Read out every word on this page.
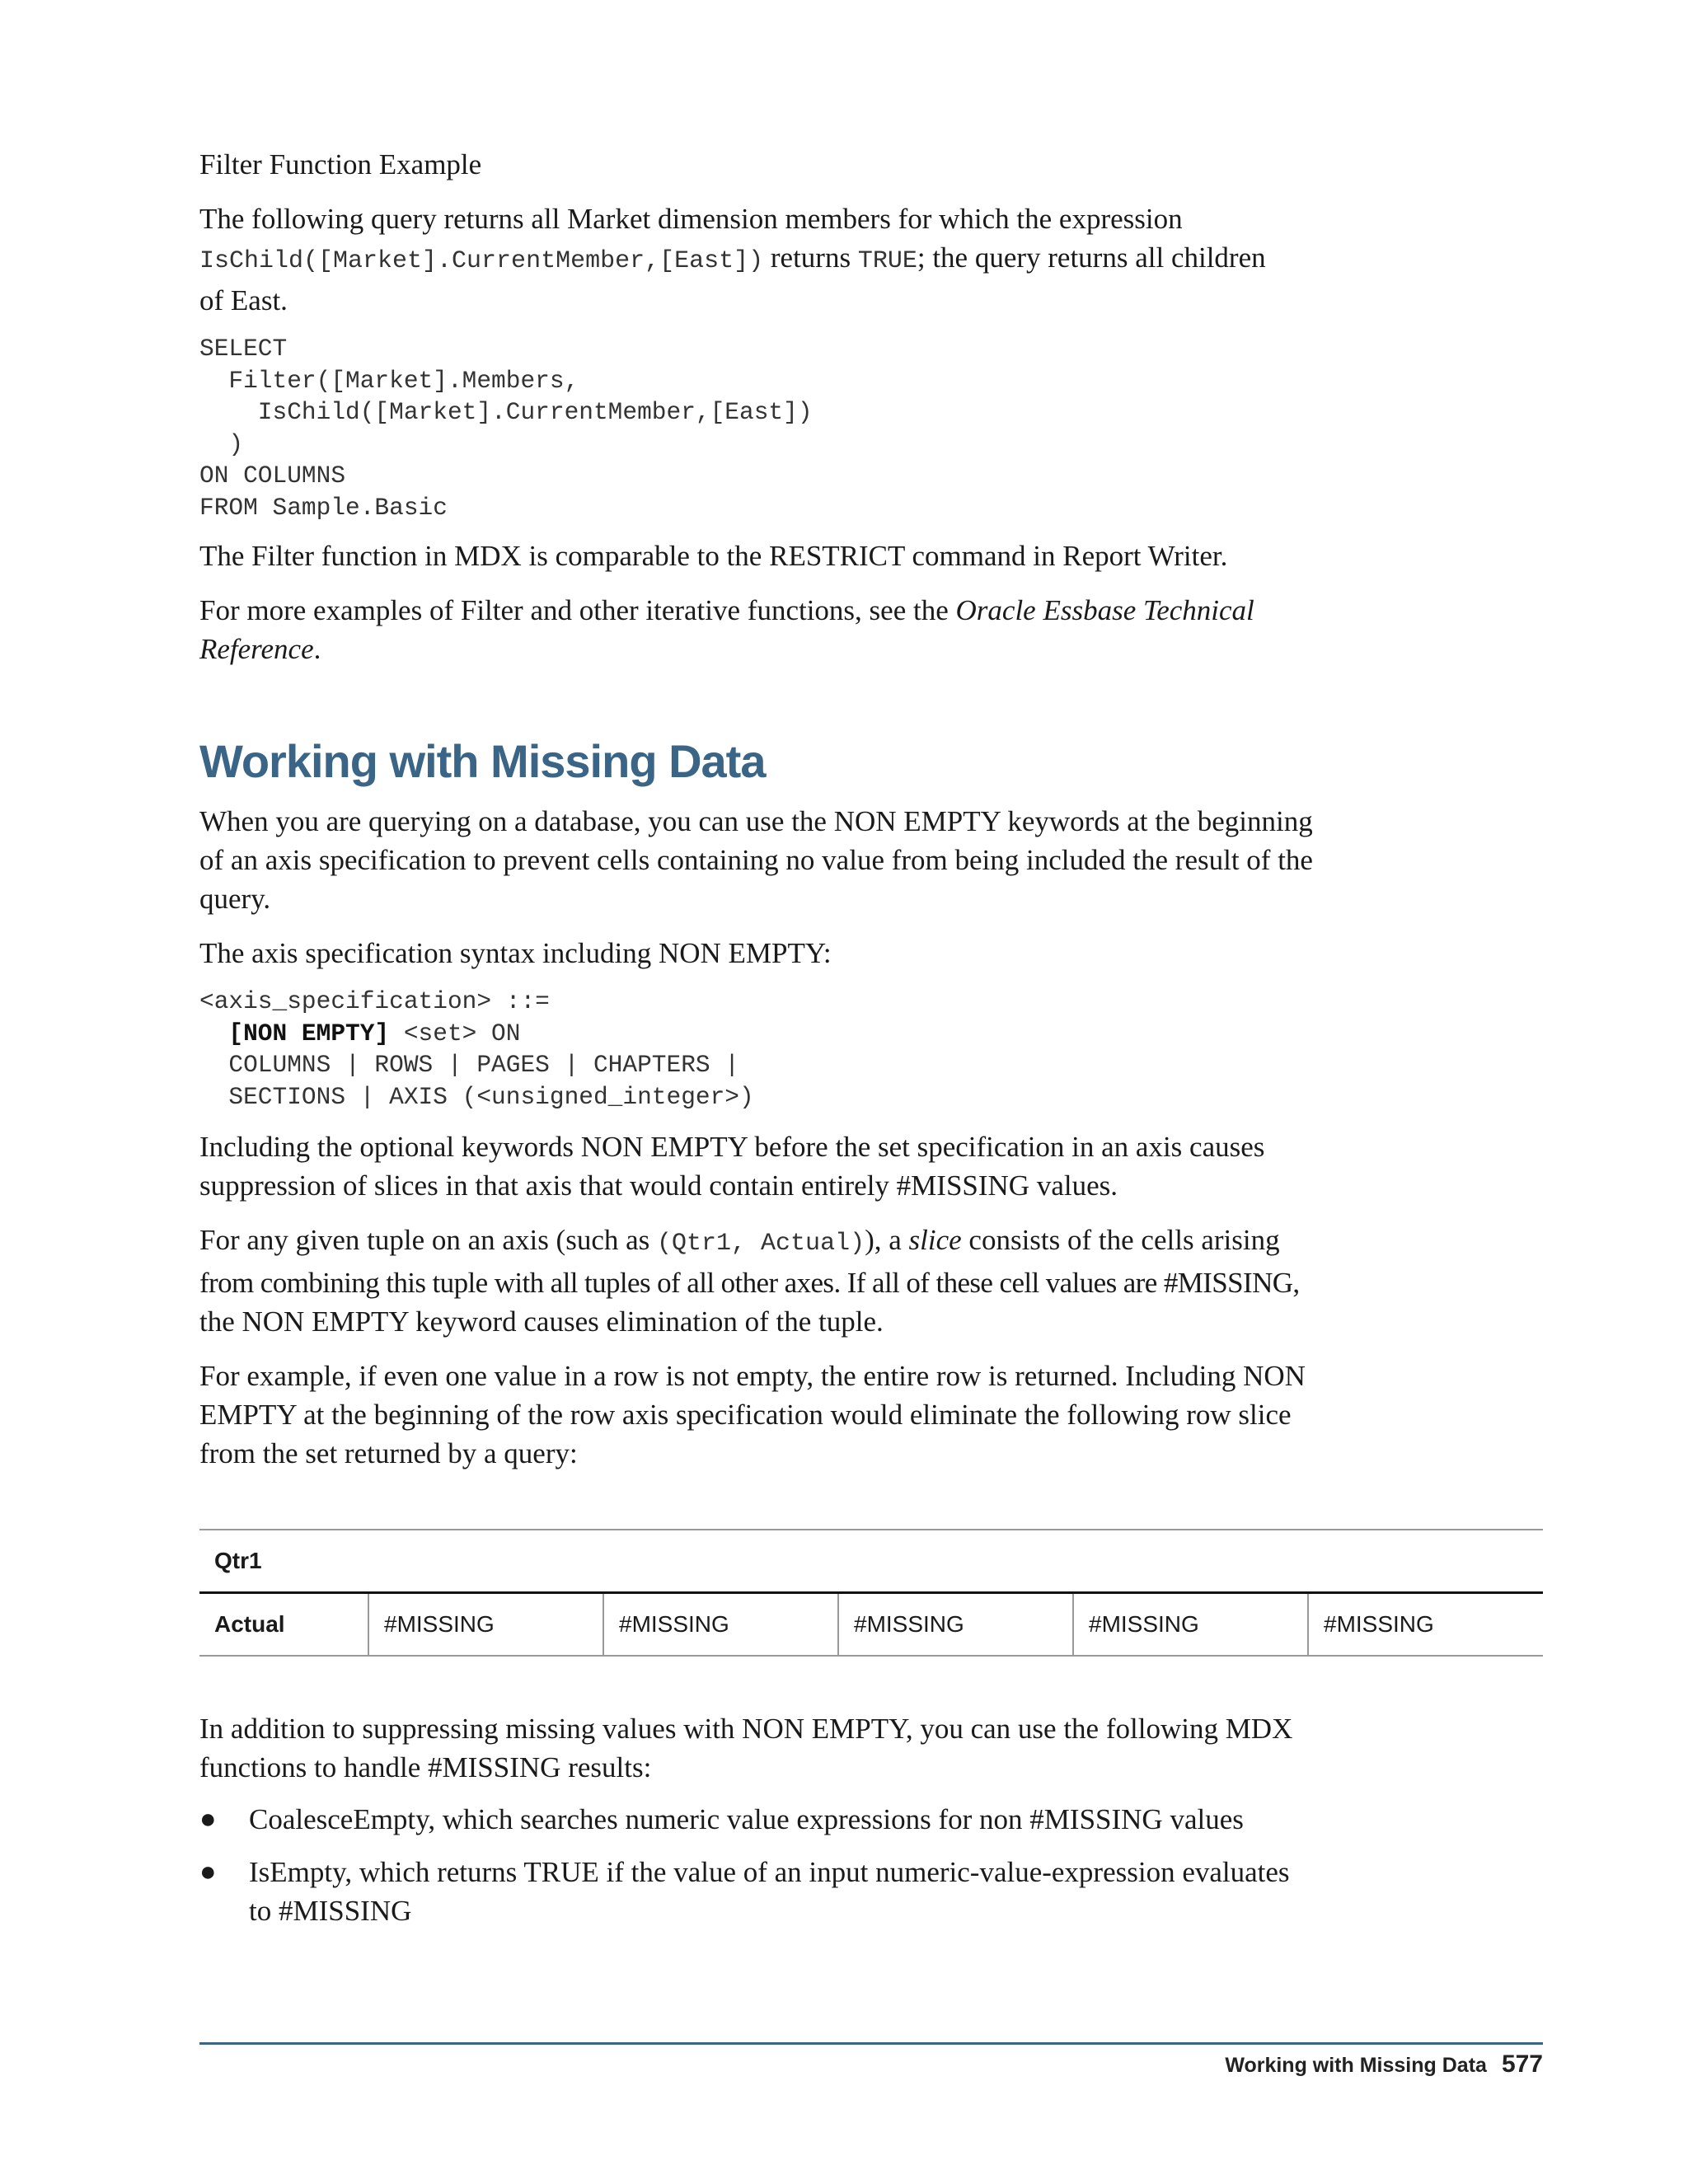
Filter Function Example

The following query returns all Market dimension members for which the expression
IsChild([Market].CurrentMember,[East]) returns TRUE; the query returns all children
of East.

SELECT
Filter([Market].Members,
IsChild([Market].CurrentMember,[East])
)
ON COLUMNS
FROM Sample.Basic

The Filter function in MDX is comparable to the RESTRICT command in Report Writer.

For more examples of Filter and other iterative functions, see the Oracle Essbase Technical
Reference.

Working with Missing Data

When you are querying on a database, you can use the NON EMPTY keywords at the beginning
of an axis specification to prevent cells containing no value from being included the result of the
query.

The axis specification syntax including NON EMPTY:

<axis_specification> ::=
[NON EMPTY] <set> ON
COLUMNS | ROWS | PAGES | CHAPTERS |
SECTIONS | AXIS (<unsigned_integer>)

Including the optional keywords NON EMPTY before the set specification in an axis causes
suppression of slices in that axis that would contain entirely #MISSING values.

For any given tuple on an axis (such as (Qtr1, Actual)), a slice consists of the cells arising
from combining this tuple with all tuples of all other axes. If all of these cell values are #MISSING,
the NON EMPTY keyword causes elimination of the tuple.

For example, if even one value in a row is not empty, the entire row is returned. Including NON
EMPTY at the beginning of the row axis specification would eliminate the following row slice
from the set returned by a query:

Qtr1
Actual	#MISSING	#MISSING	#MISSING	#MISSING	#MISSING

In addition to suppressing missing values with NON EMPTY, you can use the following MDX
functions to handle #MISSING results:

● CoalesceEmpty, which searches numeric value expressions for non #MISSING values
● IsEmpty, which returns TRUE if the value of an input numeric-value-expression evaluates
to #MISSING
Working with Missing Data 577
